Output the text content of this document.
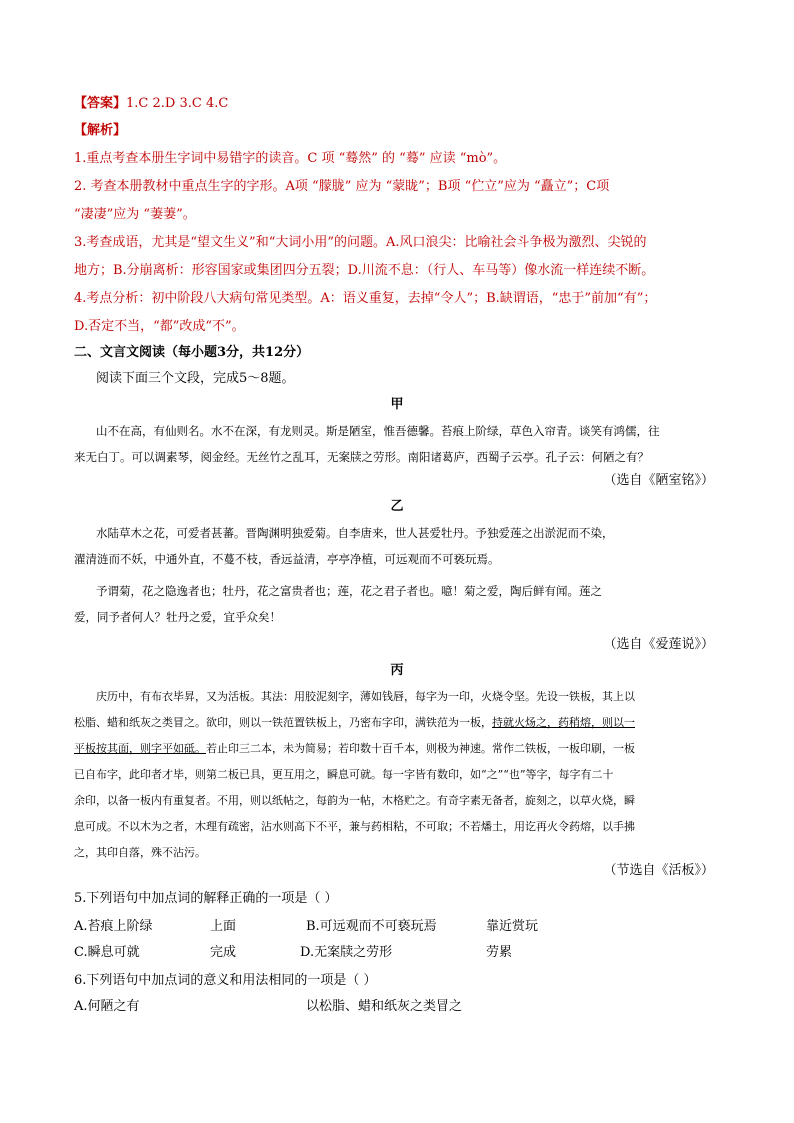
【答案】1.C 2.D 3.C 4.C
【解析】
1.重点考查本册生字词中易错字的读音。C 项 “蓦然” 的 “蓦” 应读 “mò”。
2. 考查本册教材中重点生字的字形。A项 “朦胧” 应为 “蒙眬”；B项 “伫立”应为 “矗立”；C项
“凄凄”应为 “萋萋”。
3.考查成语，尤其是“望文生义”和“大词小用”的问题。A.风口浪尖：比喻社会斗争极为激烈、尖锐的
地方；B.分崩离析：形容国家或集团四分五裂；D.川流不息：（行人、车马等）像水流一样连续不断。
4.考点分析：初中阶段八大病句常见类型。A：语义重复，去掉“令人”；B.缺谓语，“忠于”前加“有”；
D.否定不当，“都”改成“不”。
二、文言文阅读（每小题3分，共12分）
阅读下面三个文段，完成5～8题。
甲
山不在高，有仙则名。水不在深，有龙则灵。斯是陋室，惟吾德馨。苔痕上阶绿，草色入帘青。谈笑有鸿儒，往
来无白丁。可以调素琴，阅金经。无丝竹之乱耳，无案牍之劳形。南阳诸葛庐，西蜀子云亭。孔子云：何陋之有？
（选自《陋室铭》）
乙
水陆草木之花，可爱者甚蕃。晋陶渊明独爱菊。自李唐来，世人甚爱牡丹。予独爱莲之出淤泥而不染，
濯清涟而不妖，中通外直，不蔓不枝，香远益清，亭亭净植，可远观而不可亵玩焉。
予谓菊，花之隐逸者也；牡丹，花之富贵者也；莲，花之君子者也。噫！菊之爱，陶后鲜有闻。莲之
爱，同予者何人？牡丹之爱，宜乎众矣！
（选自《爱莲说》）
丙
庆历中，有布衣毕昇，又为活板。其法：用胶泥刻字，薄如钱唇，每字为一印，火烧令坚。先设一铁板，其上以
松脂、蜡和纸灰之类冒之。欲印，则以一铁范置铁板上，乃密布字印，满铁范为一板，持就火炀之，药稍熔，则以一
平板按其面，则字平如砥。若止印三二本，未为简易；若印数十百千本，则极为神速。常作二铁板，一板印刷，一板
已自布字，此印者才毕，则第二板已具，更互用之，瞬息可就。每一字皆有数印，如“之”“也”等字，每字有二十
余印，以备一板内有重复者。不用，则以纸帖之，每韵为一帖，木格贮之。有奇字素无备者，旋刻之，以草火烧，瞬
息可成。不以木为之者，木理有疏密，沾水则高下不平，兼与药相粘，不可取；不若燔土，用讫再火令药熔，以手拂
之，其印自落，殊不沾污。
（节选自《活板》）
5.下列语句中加点词的解释正确的一项是（ ）
A.苔痕上阶绿	上面	B.可远观而不可亵玩焉	靠近赏玩
C.瞬息可就	完成	D.无案牍之劳形	劳累
6.下列语句中加点词的意义和用法相同的一项是（ ）
A.何陋之有	以松脂、蜡和纸灰之类冒之
